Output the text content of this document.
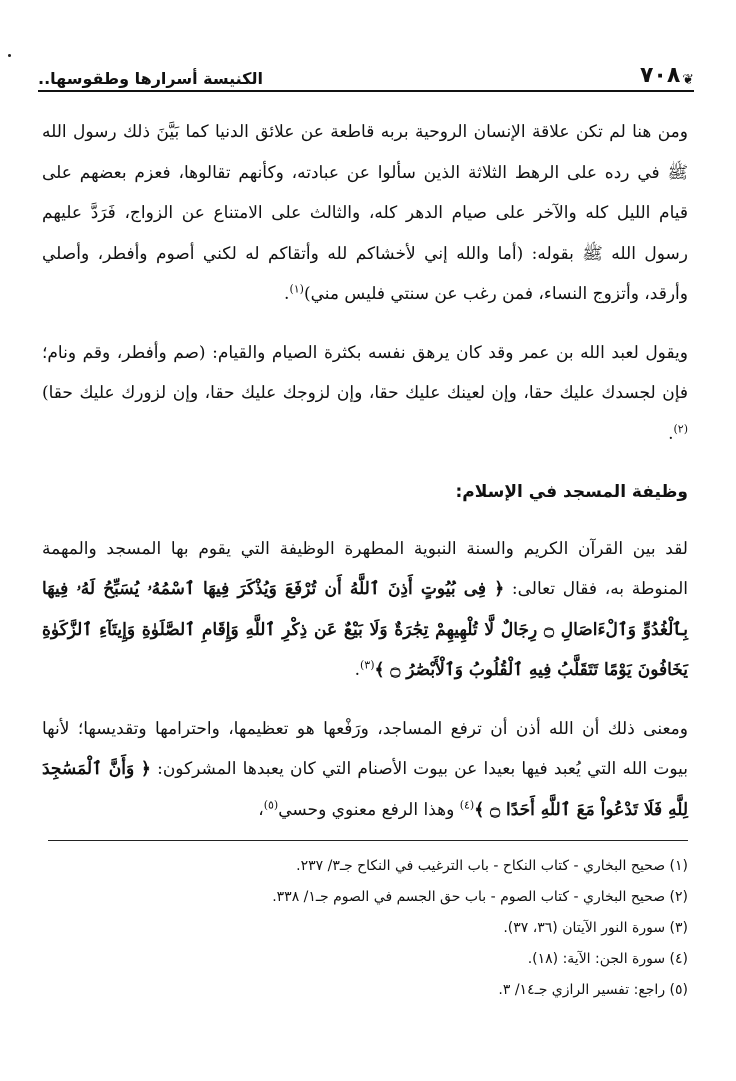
❦
٧٠٨
الكنيسة أسرارها وطقوسها..

ومن هنا لم تكن علاقة الإنسان الروحية بربه قاطعة عن علائق الدنيا كما بَيَّنَ ذلك رسول الله ﷺ في رده على الرهط الثلاثة الذين سألوا عن عبادته، وكأنهم تقالوها، فعزم بعضهم على قيام الليل كله والآخر على صيام الدهر كله، والثالث على الامتناع عن الزواج، فَرَدَّ عليهم رسول الله ﷺ بقوله: (أما والله إني لأخشاكم لله وأتقاكم له لكني أصوم وأفطر، وأصلي وأرقد، وأتزوج النساء، فمن رغب عن سنتي فليس مني)$^{(١)}$.

ويقول لعبد الله بن عمر وقد كان يرهق نفسه بكثرة الصيام والقيام: (صم وأفطر، وقم ونام؛ فإن لجسدك عليك حقا، وإن لعينك عليك حقا، وإن لزوجك عليك حقا، وإن لزورك عليك حقا)$^{(٢)}$.

وظيفة المسجد في الإسلام:

لقد بين القرآن الكريم والسنة النبوية المطهرة الوظيفة التي يقوم بها المسجد والمهمة المنوطة به، فقال تعالى: ﴿ فِى بُيُوتٍ أَذِنَ ٱللَّهُ أَن تُرْفَعَ وَيُذْكَرَ فِيهَا ٱسْمُهُۥ يُسَبِّحُ لَهُۥ فِيهَا بِٱلْغُدُوِّ وَٱلْءَاصَالِ ۝ رِجَالٌ لَّا تُلْهِيهِمْ تِجَٰرَةٌ وَلَا بَيْعٌ عَن ذِكْرِ ٱللَّهِ وَإِقَامِ ٱلصَّلَوٰةِ وَإِيتَآءِ ٱلزَّكَوٰةِ يَخَافُونَ يَوْمًا تَتَقَلَّبُ فِيهِ ٱلْقُلُوبُ وَٱلْأَبْصَٰرُ ۝ ﴾$^{(٣)}$.

ومعنى ذلك أن الله أذن أن ترفع المساجد، ورَفْعها هو تعظيمها، واحترامها وتقديسها؛ لأنها بيوت الله التي يُعبد فيها بعيدا عن بيوت الأصنام التي كان يعبدها المشركون: ﴿ وَأَنَّ ٱلْمَسَٰجِدَ لِلَّهِ فَلَا تَدْعُواْ مَعَ ٱللَّهِ أَحَدًا ۝ ﴾$^{(٤)}$ وهذا الرفع معنوي وحسي$^{(٥)}$،

(١) صحيح البخاري - كتاب النكاح - باب الترغيب في النكاح جـ٣/ ٢٣٧.
(٢) صحيح البخاري - كتاب الصوم - باب حق الجسم في الصوم جـ١/ ٣٣٨.
(٣) سورة النور الآيتان (٣٦، ٣٧).
(٤) سورة الجن: الآية: (١٨).
(٥) راجع: تفسير الرازي جـ١٤/ ٣.
